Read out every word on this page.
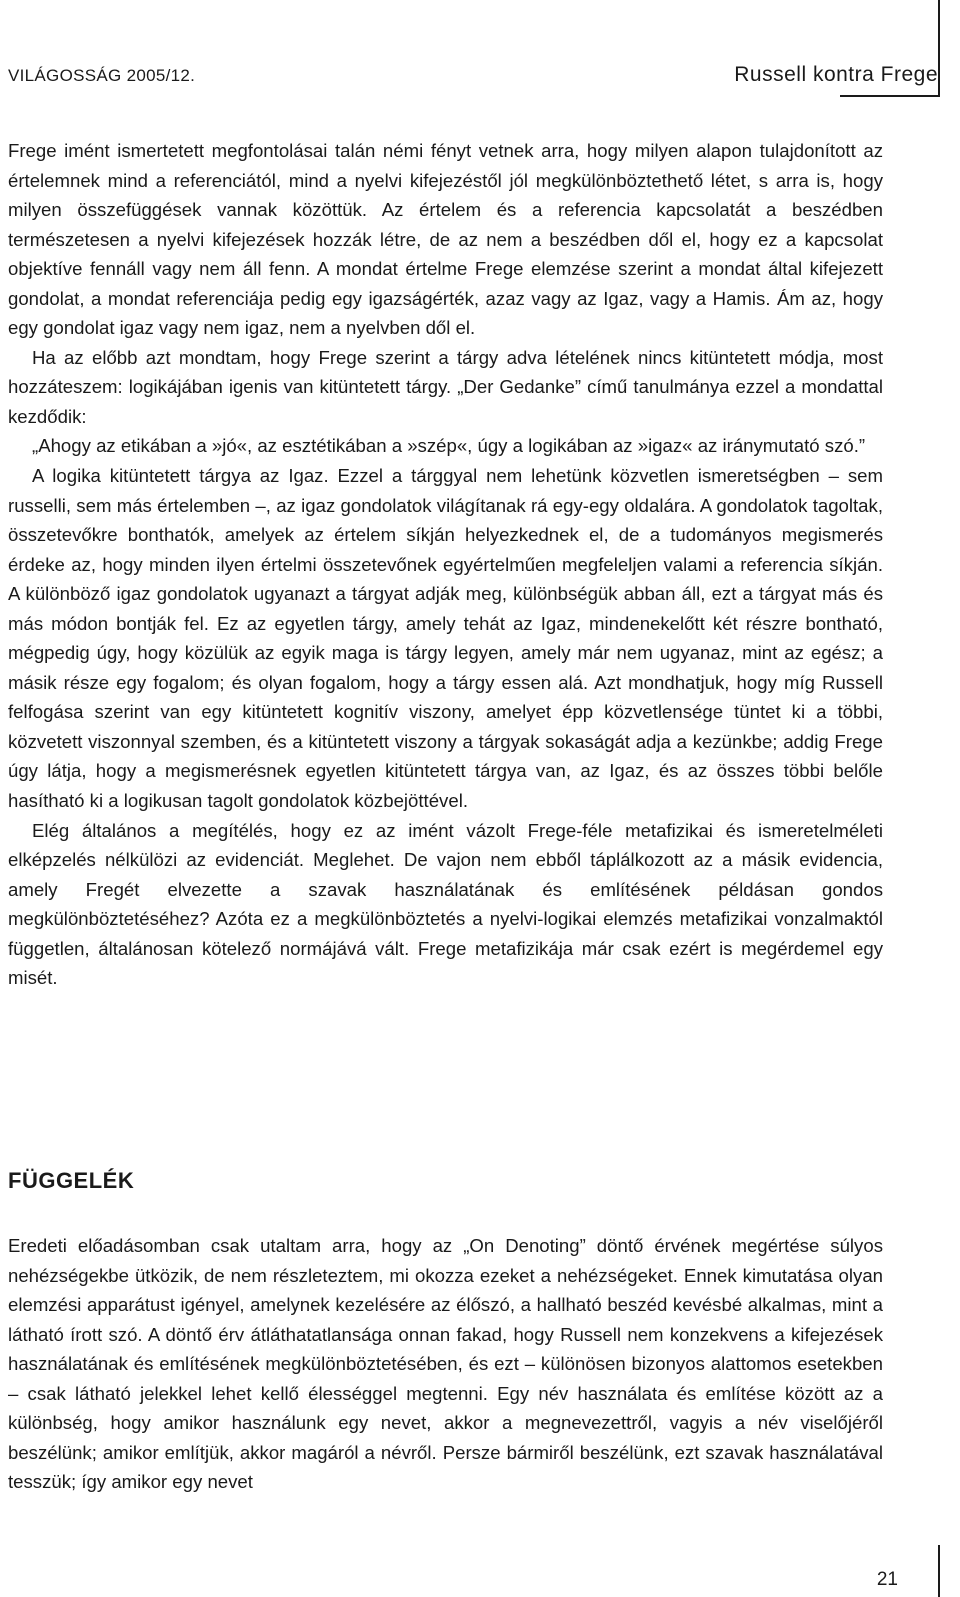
VILÁGOSSÁG 2005/12.	Russell kontra Frege

Frege imént ismertetett megfontolásai talán némi fényt vetnek arra, hogy milyen alapon tulajdonított az értelemnek mind a referenciától, mind a nyelvi kifejezéstől jól megkülönböztethető létet, s arra is, hogy milyen összefüggések vannak közöttük. Az értelem és a referencia kapcsolatát a beszédben természetesen a nyelvi kifejezések hozzák létre, de az nem a beszédben dől el, hogy ez a kapcsolat objektíve fennáll vagy nem áll fenn. A mondat értelme Frege elemzése szerint a mondat által kifejezett gondolat, a mondat referenciája pedig egy igazságérték, azaz vagy az Igaz, vagy a Hamis. Ám az, hogy egy gondolat igaz vagy nem igaz, nem a nyelvben dől el.

Ha az előbb azt mondtam, hogy Frege szerint a tárgy adva lételének nincs kitüntetett módja, most hozzáteszem: logikájában igenis van kitüntetett tárgy. „Der Gedanke” című tanulmánya ezzel a mondattal kezdődik:

„Ahogy az etikában a »jó«, az esztétikában a »szép«, úgy a logikában az »igaz« az iránymutató szó.”

A logika kitüntetett tárgya az Igaz. Ezzel a tárggyal nem lehetünk közvetlen ismeretségben – sem russelli, sem más értelemben –, az igaz gondolatok világítanak rá egy-egy oldalára. A gondolatok tagoltak, összetevőkre bonthatók, amelyek az értelem síkján helyezkednek el, de a tudományos megismerés érdeke az, hogy minden ilyen értelmi összetevőnek egyértelműen megfeleljen valami a referencia síkján. A különböző igaz gondolatok ugyanazt a tárgyat adják meg, különbségük abban áll, ezt a tárgyat más és más módon bontják fel. Ez az egyetlen tárgy, amely tehát az Igaz, mindenekelőtt két részre bontható, mégpedig úgy, hogy közülük az egyik maga is tárgy legyen, amely már nem ugyanaz, mint az egész; a másik része egy fogalom; és olyan fogalom, hogy a tárgy essen alá. Azt mondhatjuk, hogy míg Russell felfogása szerint van egy kitüntetett kognitív viszony, amelyet épp közvetlensége tüntet ki a többi, közvetett viszonnyal szemben, és a kitüntetett viszony a tárgyak sokaságát adja a kezünkbe; addig Frege úgy látja, hogy a megismerésnek egyetlen kitüntetett tárgya van, az Igaz, és az összes többi belőle hasítható ki a logikusan tagolt gondolatok közbejöttével.

Elég általános a megítélés, hogy ez az imént vázolt Frege-féle metafizikai és ismeretelméleti elképzelés nélkülözi az evidenciát. Meglehet. De vajon nem ebből táplálkozott az a másik evidencia, amely Fregét elvezette a szavak használatának és említésének példásan gondos megkülönböztetéséhez? Azóta ez a megkülönböztetés a nyelvi-logikai elemzés metafizikai vonzalmaktól független, általánosan kötelező normájává vált. Frege metafizikája már csak ezért is megérdemel egy misét.

FÜGGELÉK

Eredeti előadásomban csak utaltam arra, hogy az „On Denoting” döntő érvének megértése súlyos nehézségekbe ütközik, de nem részleteztem, mi okozza ezeket a nehézségeket. Ennek kimutatása olyan elemzési apparátust igényel, amelynek kezelésére az élőszó, a hallható beszéd kevésbé alkalmas, mint a látható írott szó. A döntő érv átláthatatlansága onnan fakad, hogy Russell nem konzekvens a kifejezések használatának és említésének megkülönböztetésében, és ezt – különösen bizonyos alattomos esetekben – csak látható jelekkel lehet kellő élességgel megtenni. Egy név használata és említése között az a különbség, hogy amikor használunk egy nevet, akkor a megnevezettről, vagyis a név viselőjéről beszélünk; amikor említjük, akkor magáról a névről. Persze bármiről beszélünk, ezt szavak használatával tesszük; így amikor egy nevet

21
